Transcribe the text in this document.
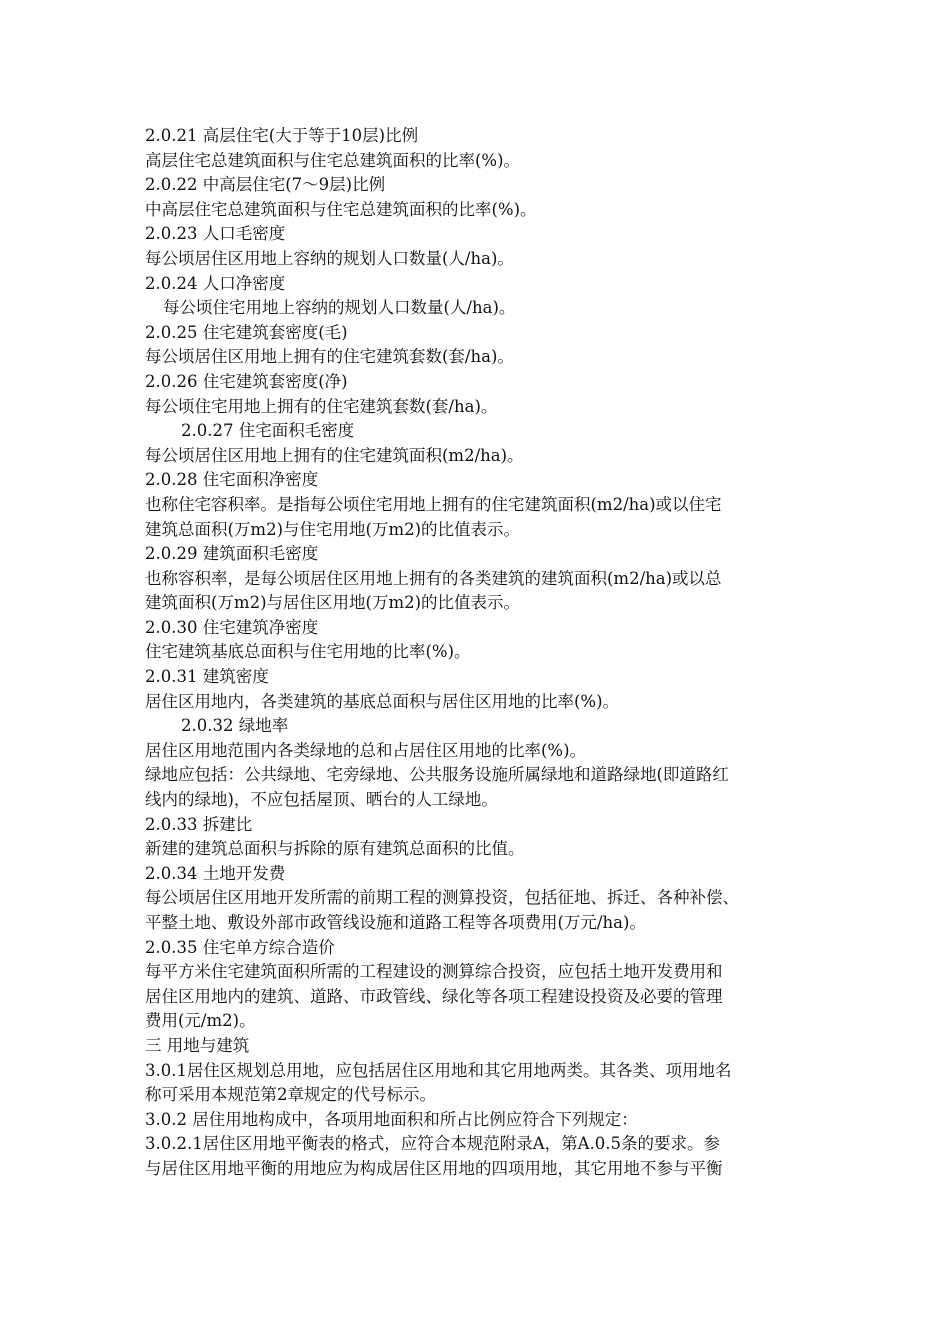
2.0.21 高层住宅(大于等于10层)比例
高层住宅总建筑面积与住宅总建筑面积的比率(%)。
2.0.22 中高层住宅(7～9层)比例
中高层住宅总建筑面积与住宅总建筑面积的比率(%)。
2.0.23 人口毛密度
每公顷居住区用地上容纳的规划人口数量(人/ha)。
2.0.24 人口净密度
每公顷住宅用地上容纳的规划人口数量(人/ha)。
2.0.25 住宅建筑套密度(毛)
每公顷居住区用地上拥有的住宅建筑套数(套/ha)。
2.0.26 住宅建筑套密度(净)
每公顷住宅用地上拥有的住宅建筑套数(套/ha)。
2.0.27 住宅面积毛密度
每公顷居住区用地上拥有的住宅建筑面积(m2/ha)。
2.0.28 住宅面积净密度
也称住宅容积率。是指每公顷住宅用地上拥有的住宅建筑面积(m2/ha)或以住宅
建筑总面积(万m2)与住宅用地(万m2)的比值表示。
2.0.29 建筑面积毛密度
也称容积率，是每公顷居住区用地上拥有的各类建筑的建筑面积(m2/ha)或以总
建筑面积(万m2)与居住区用地(万m2)的比值表示。
2.0.30 住宅建筑净密度
住宅建筑基底总面积与住宅用地的比率(%)。
2.0.31 建筑密度
居住区用地内，各类建筑的基底总面积与居住区用地的比率(%)。
2.0.32 绿地率
居住区用地范围内各类绿地的总和占居住区用地的比率(%)。
绿地应包括：公共绿地、宅旁绿地、公共服务设施所属绿地和道路绿地(即道路红
线内的绿地)，不应包括屋顶、晒台的人工绿地。
2.0.33 拆建比
新建的建筑总面积与拆除的原有建筑总面积的比值。
2.0.34 土地开发费
每公顷居住区用地开发所需的前期工程的测算投资，包括征地、拆迁、各种补偿、
平整土地、敷设外部市政管线设施和道路工程等各项费用(万元/ha)。
2.0.35 住宅单方综合造价
每平方米住宅建筑面积所需的工程建设的测算综合投资，应包括土地开发费用和
居住区用地内的建筑、道路、市政管线、绿化等各项工程建设投资及必要的管理
费用(元/m2)。
三 用地与建筑
3.0.1居住区规划总用地，应包括居住区用地和其它用地两类。其各类、项用地名
称可采用本规范第2章规定的代号标示。
3.0.2 居住用地构成中，各项用地面积和所占比例应符合下列规定：
3.0.2.1居住区用地平衡表的格式，应符合本规范附录A，第A.0.5条的要求。参
与居住区用地平衡的用地应为构成居住区用地的四项用地，其它用地不参与平衡
